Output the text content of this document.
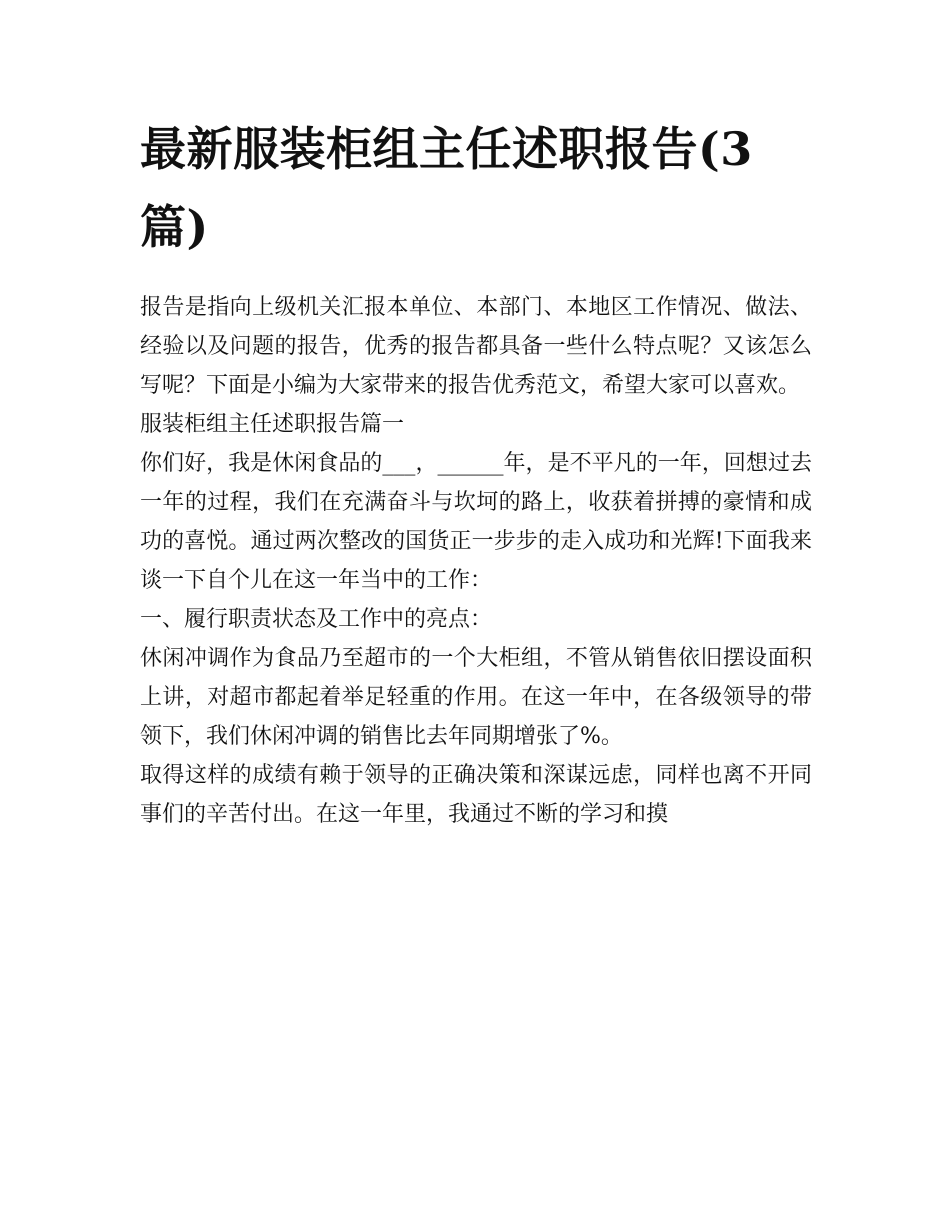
最新服装柜组主任述职报告(3篇)

报告是指向上级机关汇报本单位、本部门、本地区工作情况、做法、经验以及问题的报告，优秀的报告都具备一些什么特点呢？又该怎么写呢？下面是小编为大家带来的报告优秀范文，希望大家可以喜欢。

服装柜组主任述职报告篇一

你们好，我是休闲食品的___，______年，是不平凡的一年，回想过去一年的过程，我们在充满奋斗与坎坷的路上，收获着拼搏的豪情和成功的喜悦。通过两次整改的国货正一步步的走入成功和光辉!下面我来谈一下自个儿在这一年当中的工作：

一、履行职责状态及工作中的亮点：

休闲冲调作为食品乃至超市的一个大柜组，不管从销售依旧摆设面积上讲，对超市都起着举足轻重的作用。在这一年中，在各级领导的带领下，我们休闲冲调的销售比去年同期增张了%。

取得这样的成绩有赖于领导的正确决策和深谋远虑，同样也离不开同事们的辛苦付出。在这一年里，我通过不断的学习和摸
